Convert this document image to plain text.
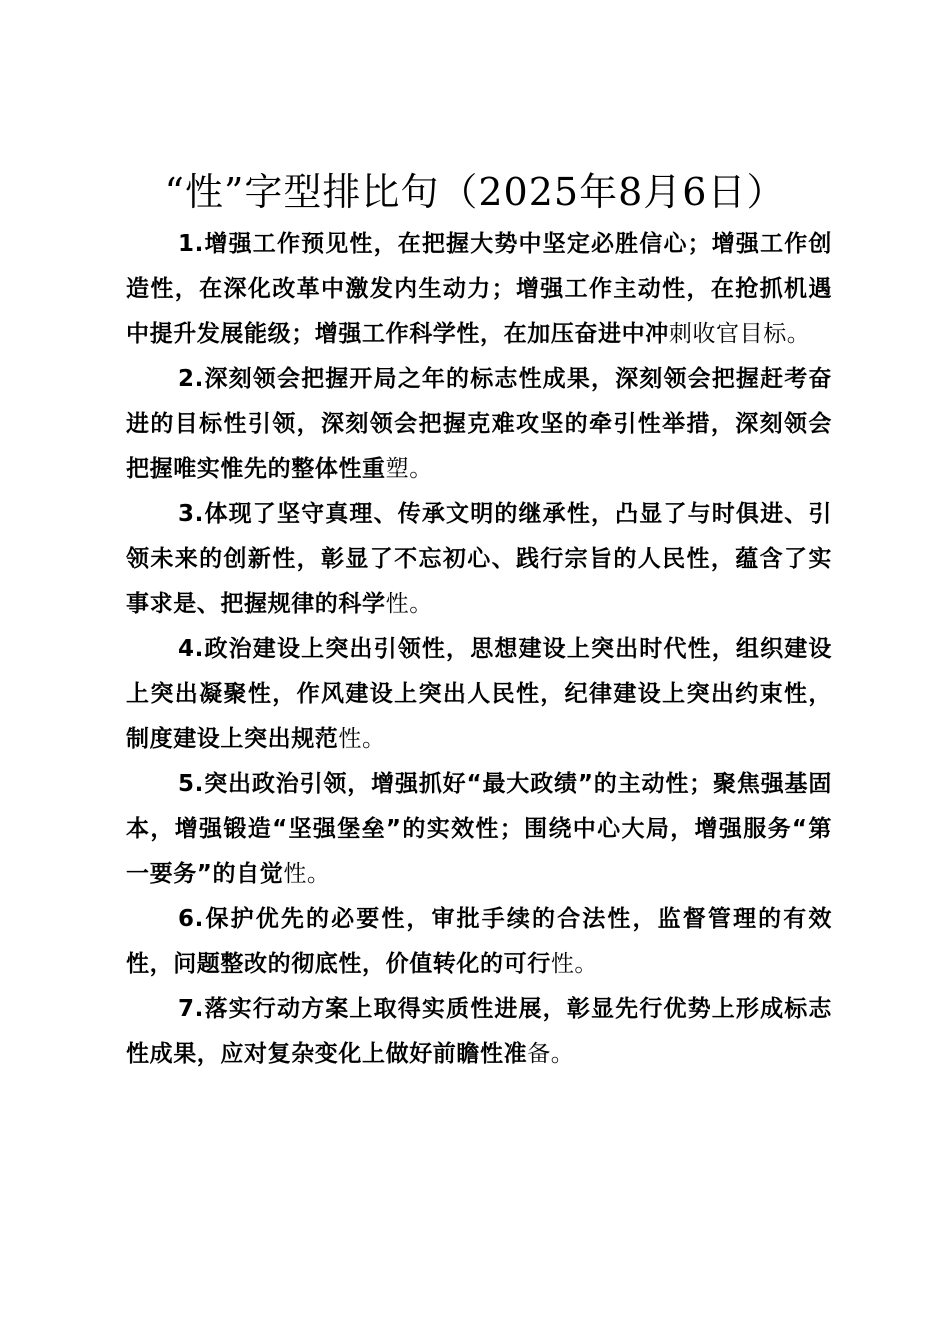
“性”字型排比句（2025年8月6日）

1.增强工作预见性，在把握大势中坚定必胜信心；增强工作创造性，在深化改革中激发内生动力；增强工作主动性，在抢抓机遇中提升发展能级；增强工作科学性，在加压奋进中冲刺收官目标。

2.深刻领会把握开局之年的标志性成果，深刻领会把握赶考奋进的目标性引领，深刻领会把握克难攻坚的牵引性举措，深刻领会把握唯实惟先的整体性重塑。

3.体现了坚守真理、传承文明的继承性，凸显了与时俱进、引领未来的创新性，彰显了不忘初心、践行宗旨的人民性，蕴含了实事求是、把握规律的科学性。

4.政治建设上突出引领性，思想建设上突出时代性，组织建设上突出凝聚性，作风建设上突出人民性，纪律建设上突出约束性，制度建设上突出规范性。

5.突出政治引领，增强抓好“最大政绩”的主动性；聚焦强基固本，增强锻造“坚强堡垒”的实效性；围绕中心大局，增强服务“第一要务”的自觉性。

6.保护优先的必要性，审批手续的合法性，监督管理的有效性，问题整改的彻底性，价值转化的可行性。

7.落实行动方案上取得实质性进展，彰显先行优势上形成标志性成果，应对复杂变化上做好前瞻性准备。
